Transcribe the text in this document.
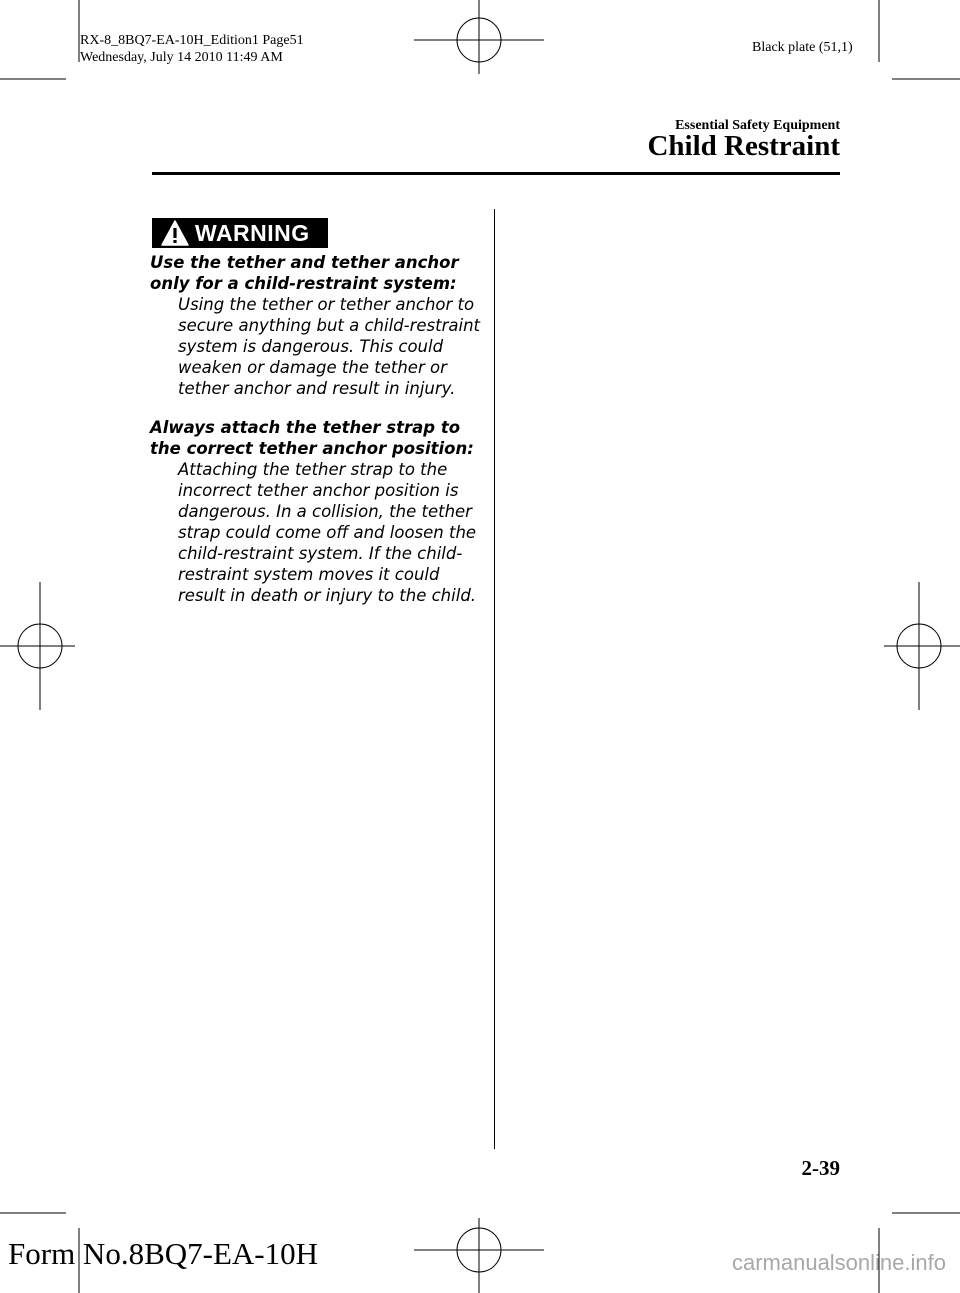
RX-8_8BQ7-EA-10H_Edition1 Page51
Wednesday, July 14 2010 11:49 AM
Black plate (51,1)
Essential Safety Equipment
Child Restraint
WARNING
Use the tether and tether anchor only for a child-restraint system:
Using the tether or tether anchor to secure anything but a child-restraint system is dangerous. This could weaken or damage the tether or tether anchor and result in injury.
Always attach the tether strap to the correct tether anchor position:
Attaching the tether strap to the incorrect tether anchor position is dangerous. In a collision, the tether strap could come off and loosen the child-restraint system. If the child-restraint system moves it could result in death or injury to the child.
2-39
Form No.8BQ7-EA-10H	carmanualsonline.info
